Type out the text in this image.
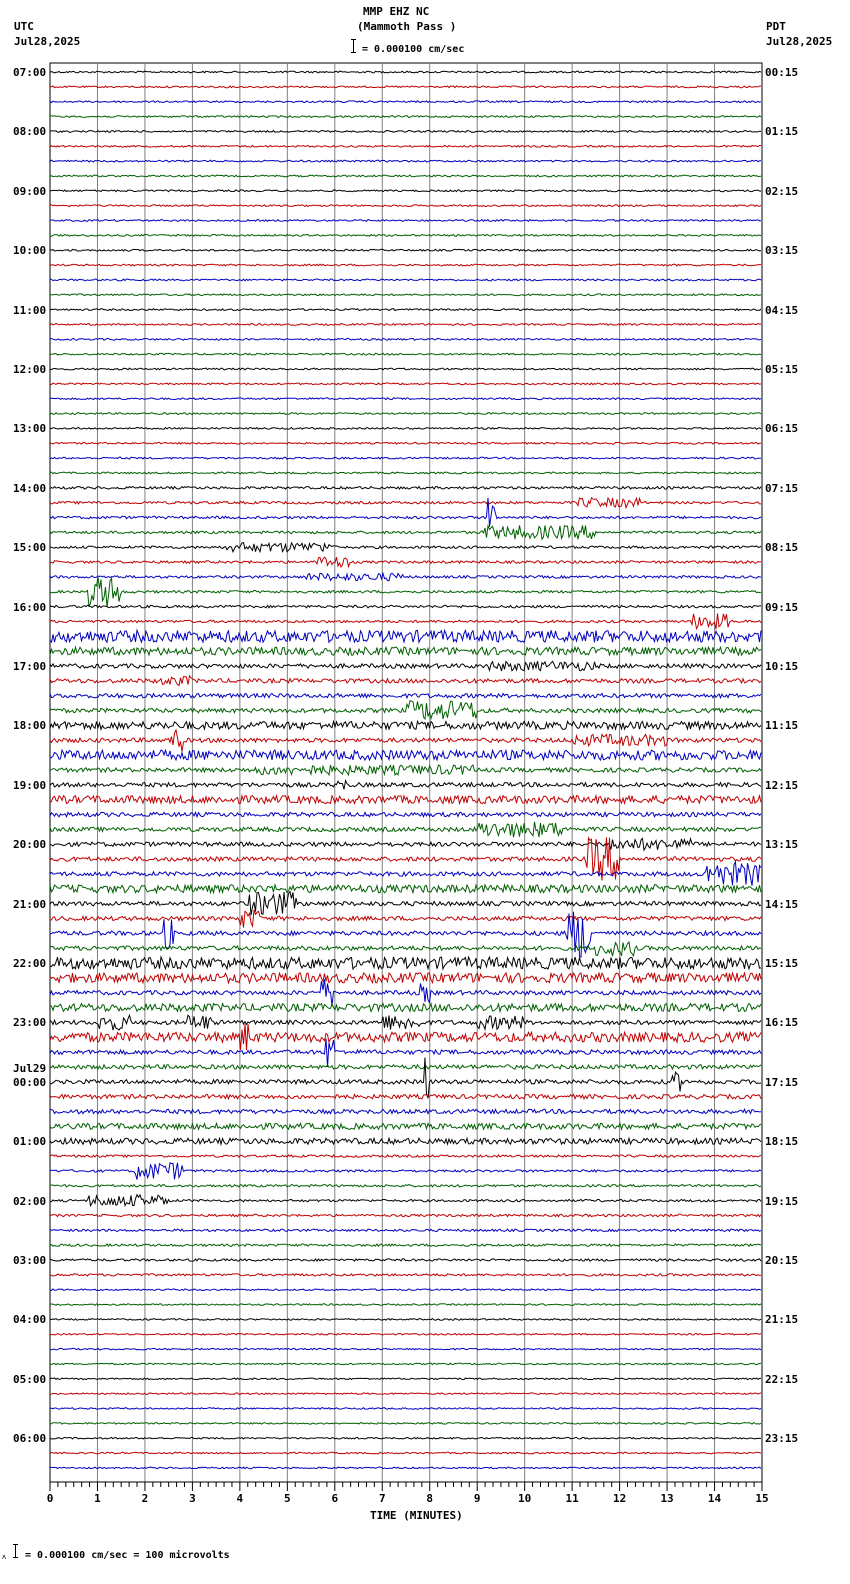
0	1	2	3	4	5	6	7	8	9	10	11	12	13	14	15
MMP EHZ NC
(Mammoth Pass )
= 0.000100 cm/sec
UTC
Jul28,2025
PDT
Jul28,2025
07:00
08:00
09:00
10:00
11:00
12:00
13:00
14:00
15:00
16:00
17:00
18:00
19:00
20:00
21:00
22:00
23:00
00:00
01:00
02:00
03:00
04:00
05:00
06:00
00:15
01:15
02:15
03:15
04:15
05:15
06:15
07:15
08:15
09:15
10:15
11:15
12:15
13:15
14:15
15:15
16:15
17:15
18:15
19:15
20:15
21:15
22:15
23:15
Jul29
TIME (MINUTES)
ʌ = 0.000100 cm/sec = 100 microvolts
